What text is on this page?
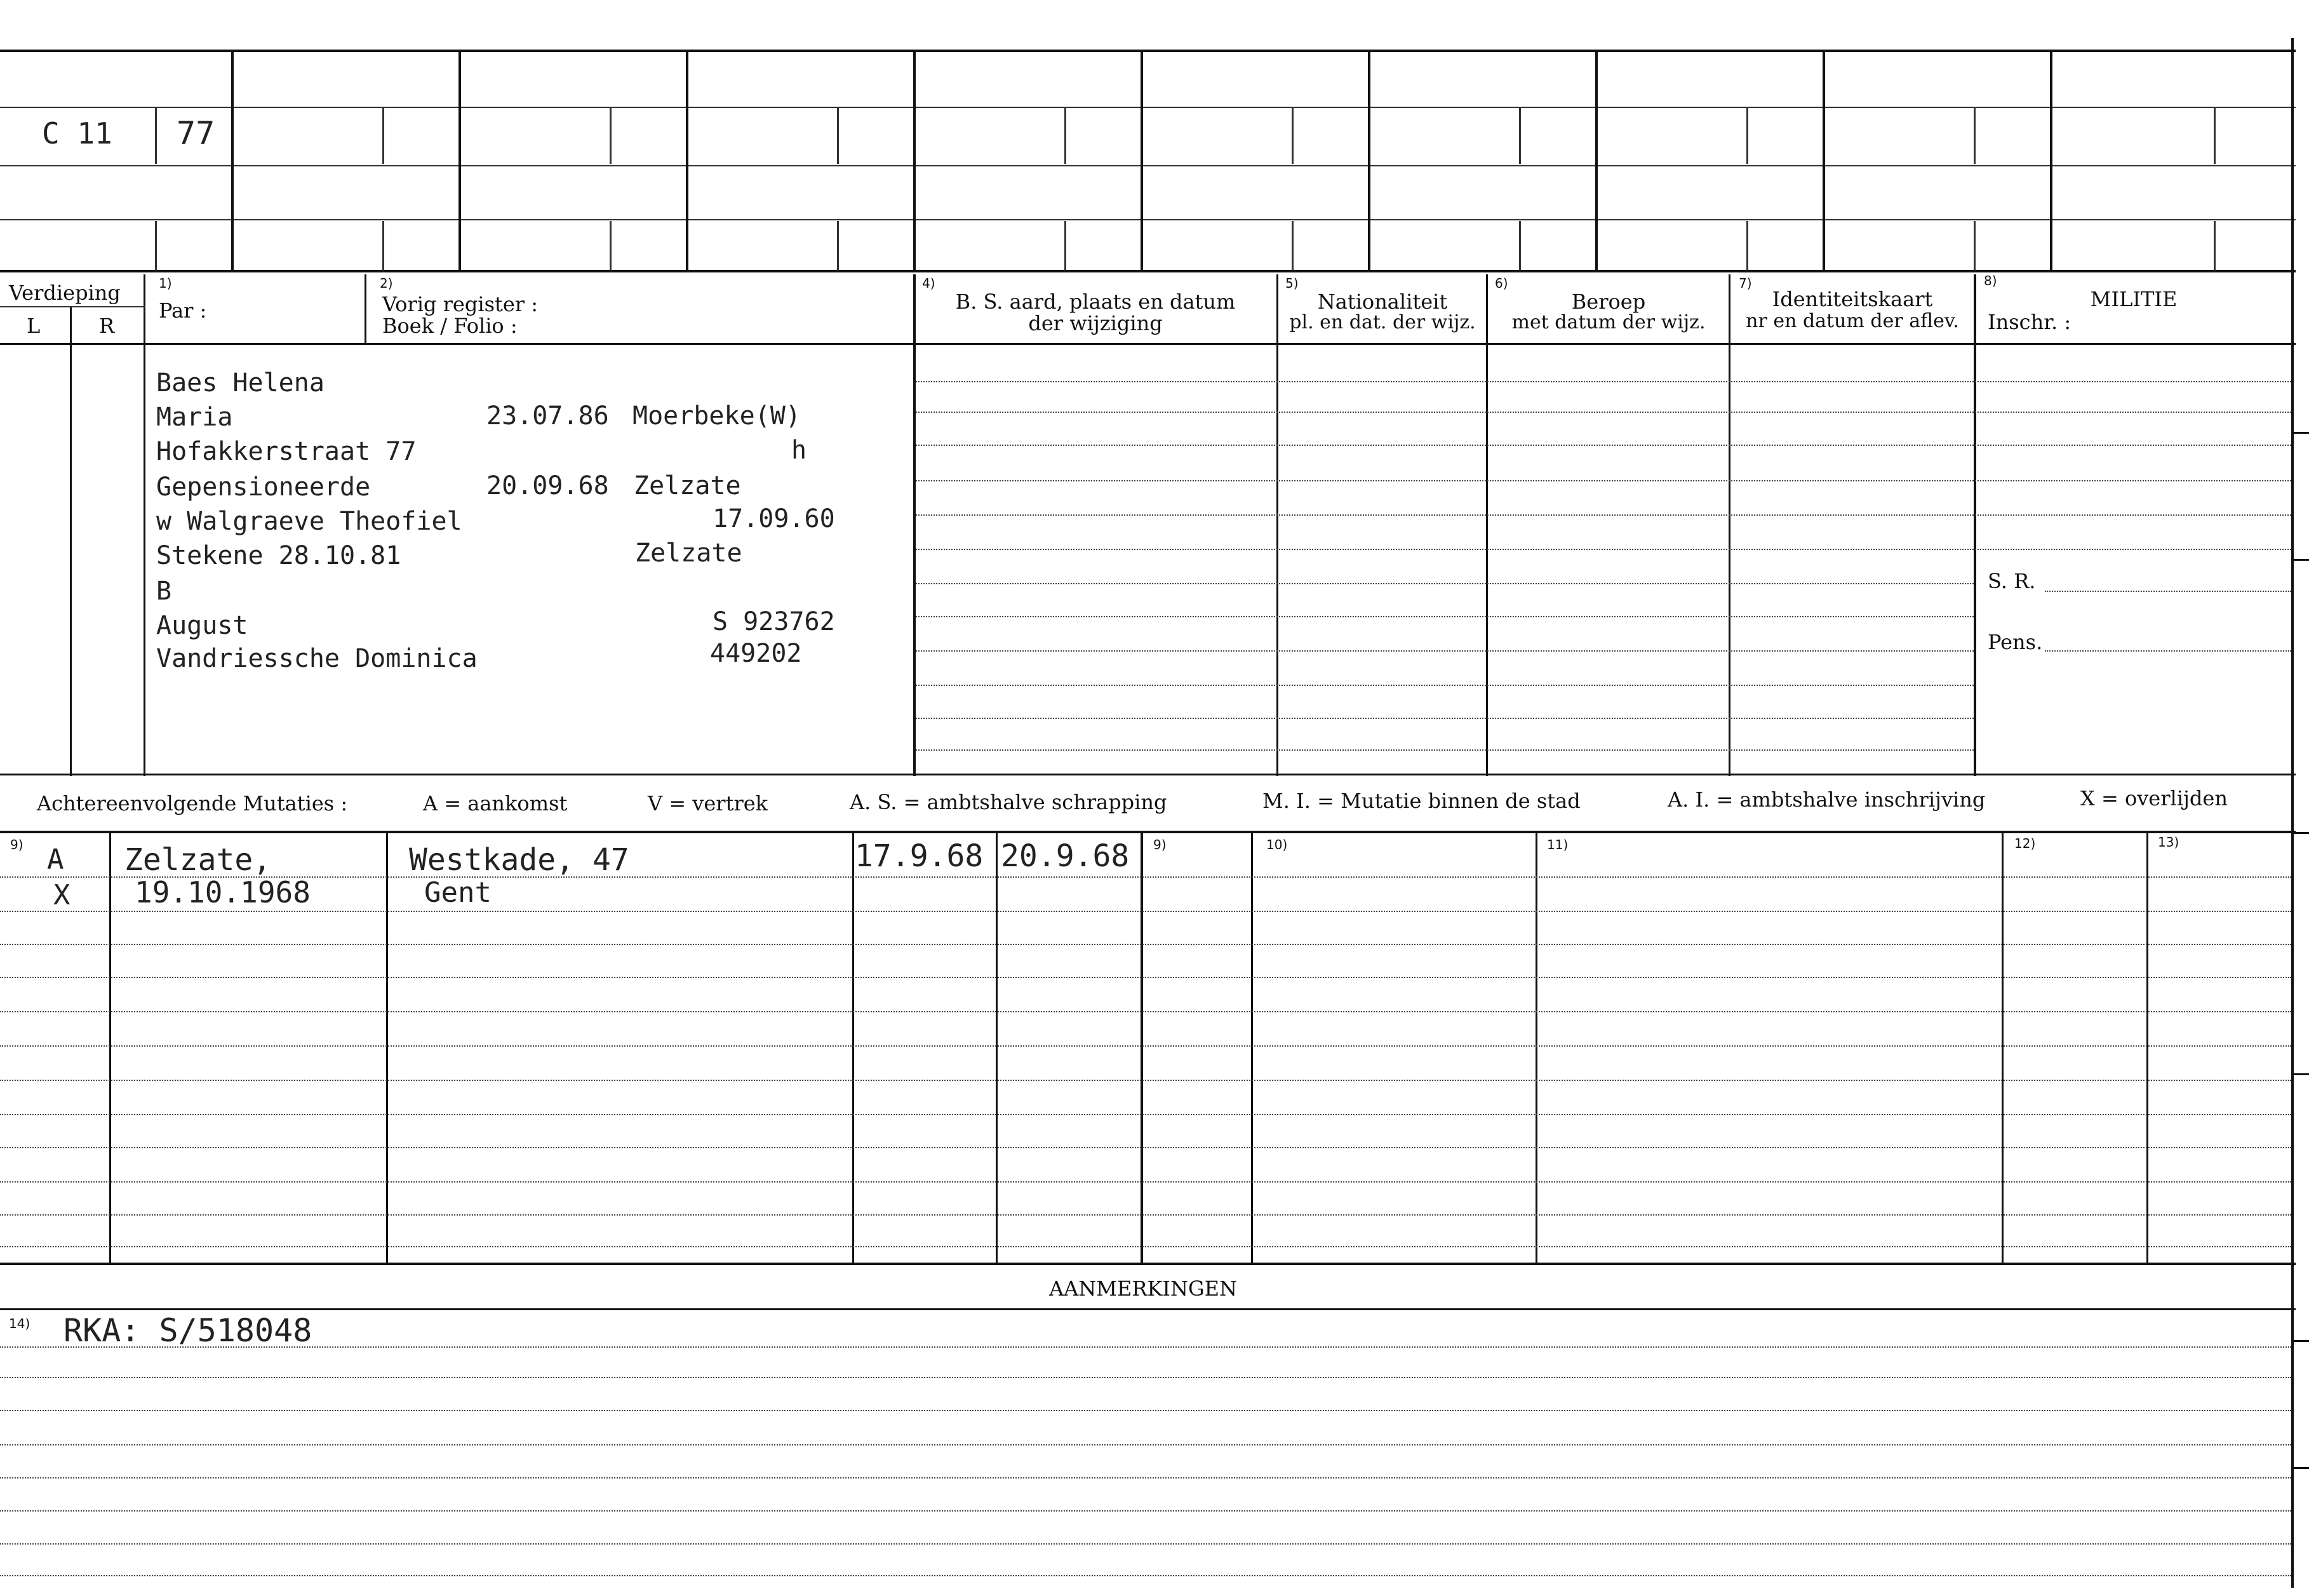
C 11 77
Verdieping
L	R
1)
Par :
2)
Vorig register :
Boek / Folio :
4)
B. S. aard, plaats en datum
der wijziging
5)
Nationaliteit
pl. en dat. der wijz.
6)
Beroep
met datum der wijz.
7)
Identiteitskaart
nr en datum der aflev.
8)
MILITIE
Inschr. :
S. R.
Pens.
Baes Helena
Maria	23.07.86 Moerbeke(W)
Hofakkerstraat 77	h
Gepensioneerde	20.09.68 Zelzate
w Walgraeve Theofiel	17.09.60
Stekene 28.10.81	Zelzate
B
August	S 923762
Vandriessche Dominica	449202
Achtereenvolgende Mutaties :	A = aankomst	V = vertrek	A. S. = ambtshalve schrapping	M. I. = Mutatie binnen de stad	A. I. = ambtshalve inschrijving	X = overlijden
9)	9)	10)	11)	12)	13)
A Zelzate,	Westkade, 47	17.9.68 20.9.68
X 19.10.1968	Gent
AANMERKINGEN
14) RKA: S/518048
